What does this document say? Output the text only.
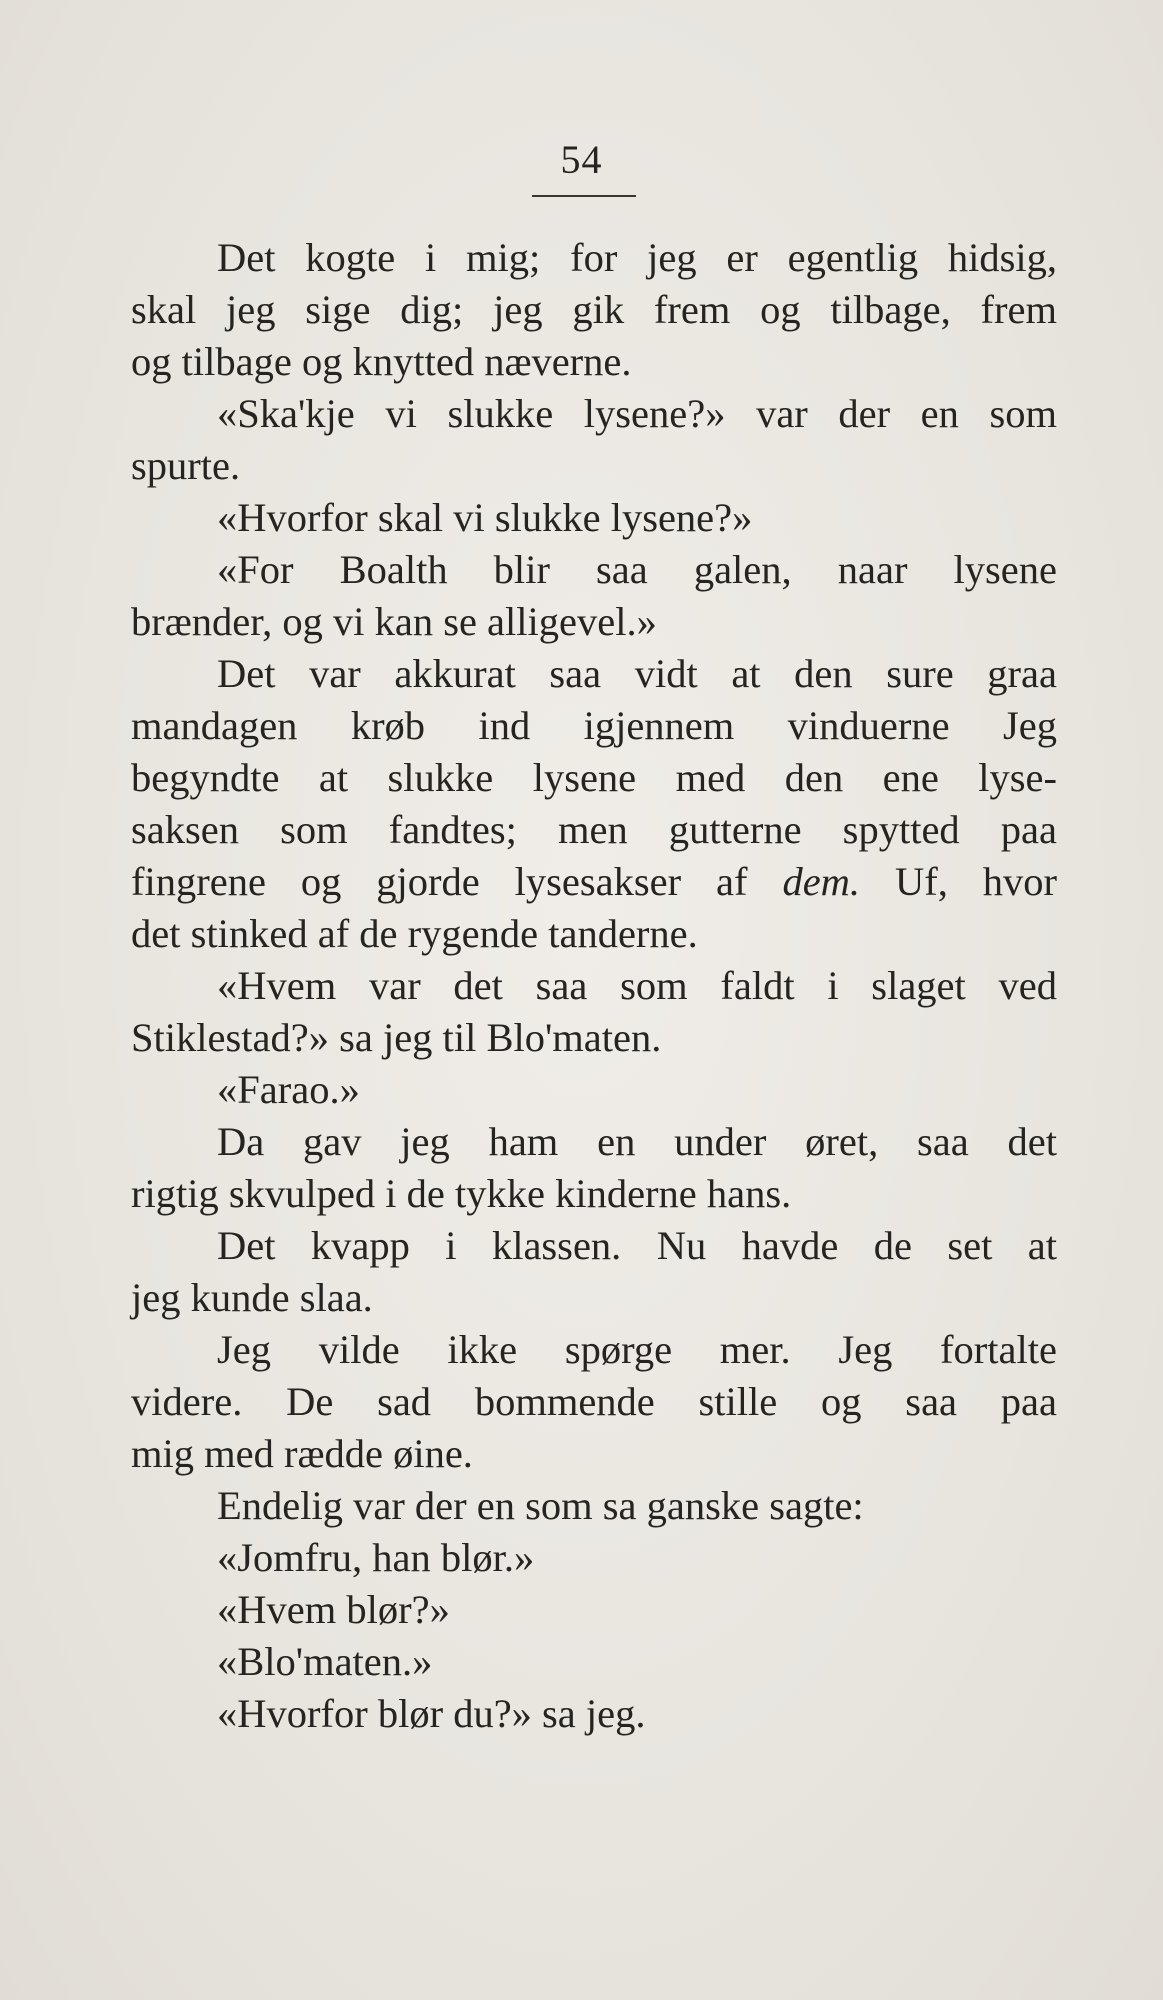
54
Det kogte i mig; for jeg er egentlig hidsig,
skal jeg sige dig; jeg gik frem og tilbage, frem
og tilbage og knytted næverne.
«Ska'kje vi slukke lysene?» var der en som
spurte.
«Hvorfor skal vi slukke lysene?»
«For Boalth blir saa galen, naar lysene
brænder, og vi kan se alligevel.»
Det var akkurat saa vidt at den sure graa
mandagen krøb ind igjennem vinduerne Jeg
begyndte at slukke lysene med den ene lyse-
saksen som fandtes; men gutterne spytted paa
fingrene og gjorde lysesakser af dem. Uf, hvor
det stinked af de rygende tanderne.
«Hvem var det saa som faldt i slaget ved
Stiklestad?» sa jeg til Blo'maten.
«Farao.»
Da gav jeg ham en under øret, saa det
rigtig skvulped i de tykke kinderne hans.
Det kvapp i klassen. Nu havde de set at
jeg kunde slaa.
Jeg vilde ikke spørge mer. Jeg fortalte
videre. De sad bommende stille og saa paa
mig med rædde øine.
Endelig var der en som sa ganske sagte:
«Jomfru, han blør.»
«Hvem blør?»
«Blo'maten.»
«Hvorfor blør du?» sa jeg.
